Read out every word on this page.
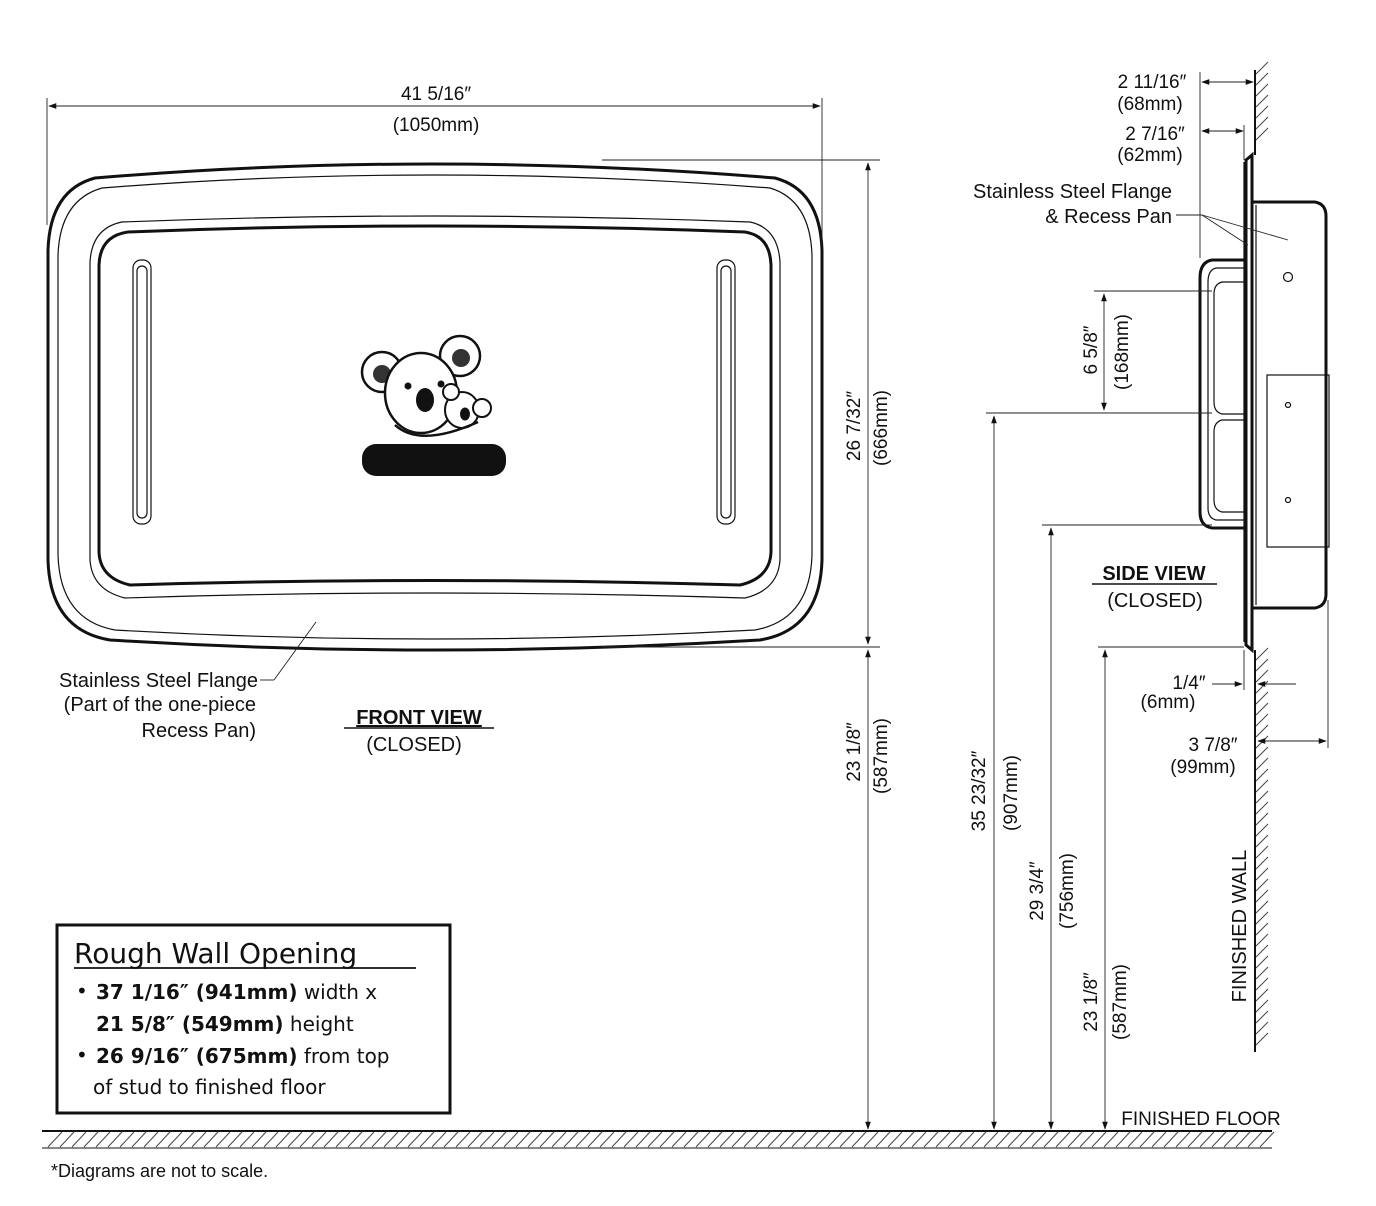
Koala Kare
41 5/16″
(1050mm)
26 7/32″ (666mm)
23 1/8″ (587mm)
Stainless Steel Flange
(Part of the one-piece
Recess Pan)
FRONT VIEW
(CLOSED)
FINISHED WALL
2 11/16″
(68mm)
2 7/16″
(62mm)
Stainless Steel Flange
& Recess Pan
6 5/8″ (168mm)
35 23/32″ (907mm)
29 3/4″ (756mm)
23 1/8″ (587mm)
1/4″
(6mm)
3 7/8″
(99mm)
SIDE VIEW
(CLOSED)
FINISHED FLOOR
Rough Wall Opening
• 37 1/16″ (941mm) width x
21 5/8″ (549mm) height
• 26 9/16″ (675mm) from top
of stud to finished floor
*Diagrams are not to scale.
